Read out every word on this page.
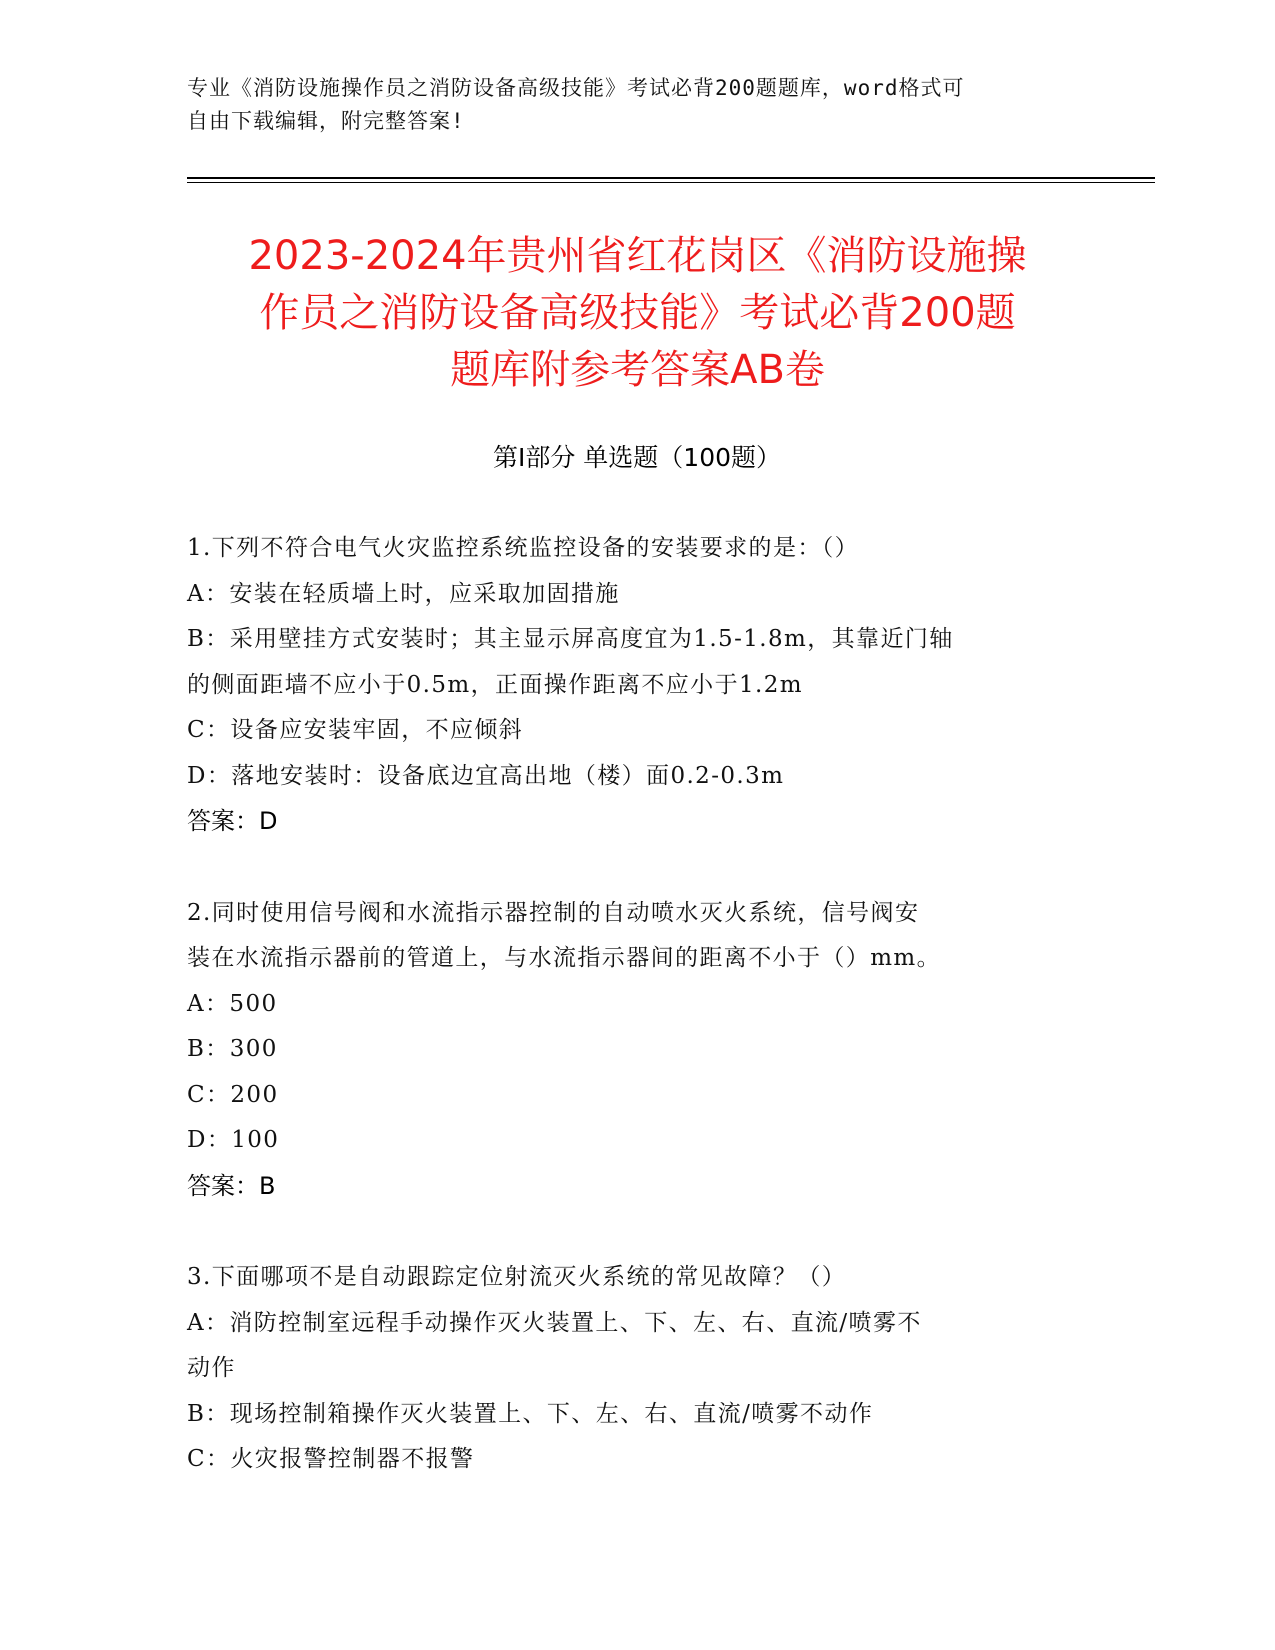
专业《消防设施操作员之消防设备高级技能》考试必背200题题库，word格式可
自由下载编辑，附完整答案!
2023-2024年贵州省红花岗区《消防设施操
作员之消防设备高级技能》考试必背200题
题库附参考答案AB卷
第Ⅰ部分 单选题（100题）

1.下列不符合电气火灾监控系统监控设备的安装要求的是：（）

A：安装在轻质墙上时，应采取加固措施

B：采用壁挂方式安装时；其主显示屏高度宜为1.5-1.8m，其靠近门轴

的侧面距墙不应小于0.5m，正面操作距离不应小于1.2m

C：设备应安装牢固，不应倾斜

D：落地安装时：设备底边宜高出地（楼）面0.2-0.3m

答案：D

2.同时使用信号阀和水流指示器控制的自动喷水灭火系统，信号阀安

装在水流指示器前的管道上，与水流指示器间的距离不小于（）mm。

A：500

B：300

C：200

D：100

答案：B

3.下面哪项不是自动跟踪定位射流灭火系统的常见故障？（）

A：消防控制室远程手动操作灭火装置上、下、左、右、直流/喷雾不

动作

B：现场控制箱操作灭火装置上、下、左、右、直流/喷雾不动作

C：火灾报警控制器不报警
